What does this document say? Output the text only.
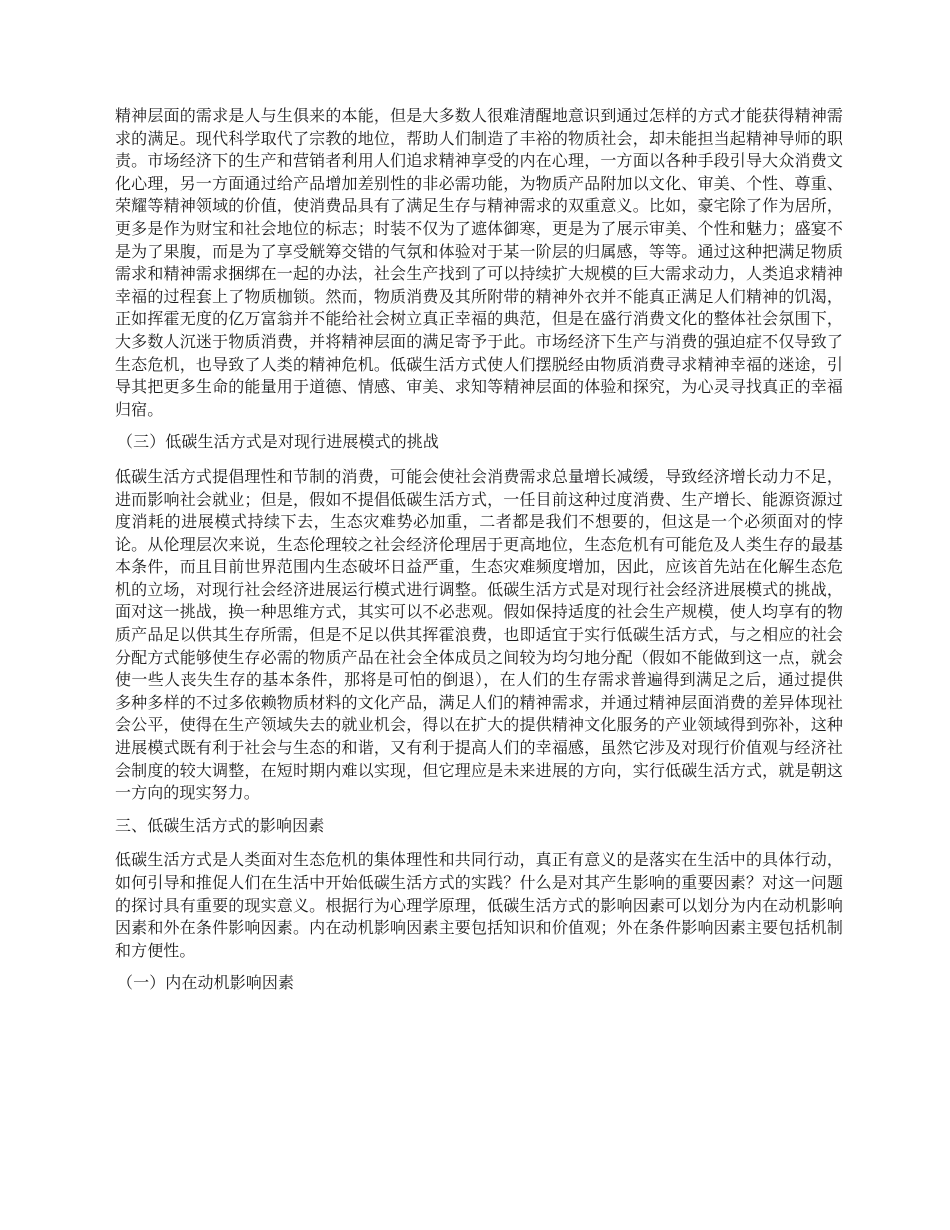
精神层面的需求是人与生俱来的本能，但是大多数人很难清醒地意识到通过怎样的方式才能获得精神需求的满足。现代科学取代了宗教的地位，帮助人们制造了丰裕的物质社会，却未能担当起精神导师的职责。市场经济下的生产和营销者利用人们追求精神享受的内在心理，一方面以各种手段引导大众消费文化心理，另一方面通过给产品增加差别性的非必需功能，为物质产品附加以文化、审美、个性、尊重、荣耀等精神领域的价值，使消费品具有了满足生存与精神需求的双重意义。比如，豪宅除了作为居所，更多是作为财宝和社会地位的标志；时装不仅为了遮体御寒，更是为了展示审美、个性和魅力；盛宴不是为了果腹，而是为了享受觥筹交错的气氛和体验对于某一阶层的归属感，等等。通过这种把满足物质需求和精神需求捆绑在一起的办法，社会生产找到了可以持续扩大规模的巨大需求动力，人类追求精神幸福的过程套上了物质枷锁。然而，物质消费及其所附带的精神外衣并不能真正满足人们精神的饥渴，正如挥霍无度的亿万富翁并不能给社会树立真正幸福的典范，但是在盛行消费文化的整体社会氛围下，大多数人沉迷于物质消费，并将精神层面的满足寄予于此。市场经济下生产与消费的强迫症不仅导致了生态危机，也导致了人类的精神危机。低碳生活方式使人们摆脱经由物质消费寻求精神幸福的迷途，引导其把更多生命的能量用于道德、情感、审美、求知等精神层面的体验和探究，为心灵寻找真正的幸福归宿。

（三）低碳生活方式是对现行进展模式的挑战

低碳生活方式提倡理性和节制的消费，可能会使社会消费需求总量增长减缓，导致经济增长动力不足，进而影响社会就业；但是，假如不提倡低碳生活方式，一任目前这种过度消费、生产增长、能源资源过度消耗的进展模式持续下去，生态灾难势必加重，二者都是我们不想要的，但这是一个必须面对的悖论。从伦理层次来说，生态伦理较之社会经济伦理居于更高地位，生态危机有可能危及人类生存的最基本条件，而且目前世界范围内生态破坏日益严重，生态灾难频度增加，因此，应该首先站在化解生态危机的立场，对现行社会经济进展运行模式进行调整。低碳生活方式是对现行社会经济进展模式的挑战，面对这一挑战，换一种思维方式，其实可以不必悲观。假如保持适度的社会生产规模，使人均享有的物质产品足以供其生存所需，但是不足以供其挥霍浪费，也即适宜于实行低碳生活方式，与之相应的社会分配方式能够使生存必需的物质产品在社会全体成员之间较为均匀地分配（假如不能做到这一点，就会使一些人丧失生存的基本条件，那将是可怕的倒退），在人们的生存需求普遍得到满足之后，通过提供多种多样的不过多依赖物质材料的文化产品，满足人们的精神需求，并通过精神层面消费的差异体现社会公平，使得在生产领域失去的就业机会，得以在扩大的提供精神文化服务的产业领域得到弥补，这种进展模式既有利于社会与生态的和谐，又有利于提高人们的幸福感，虽然它涉及对现行价值观与经济社会制度的较大调整，在短时期内难以实现，但它理应是未来进展的方向，实行低碳生活方式，就是朝这一方向的现实努力。

三、低碳生活方式的影响因素

低碳生活方式是人类面对生态危机的集体理性和共同行动，真正有意义的是落实在生活中的具体行动，如何引导和推促人们在生活中开始低碳生活方式的实践？什么是对其产生影响的重要因素？对这一问题的探讨具有重要的现实意义。根据行为心理学原理，低碳生活方式的影响因素可以划分为内在动机影响因素和外在条件影响因素。内在动机影响因素主要包括知识和价值观；外在条件影响因素主要包括机制和方便性。

（一）内在动机影响因素
